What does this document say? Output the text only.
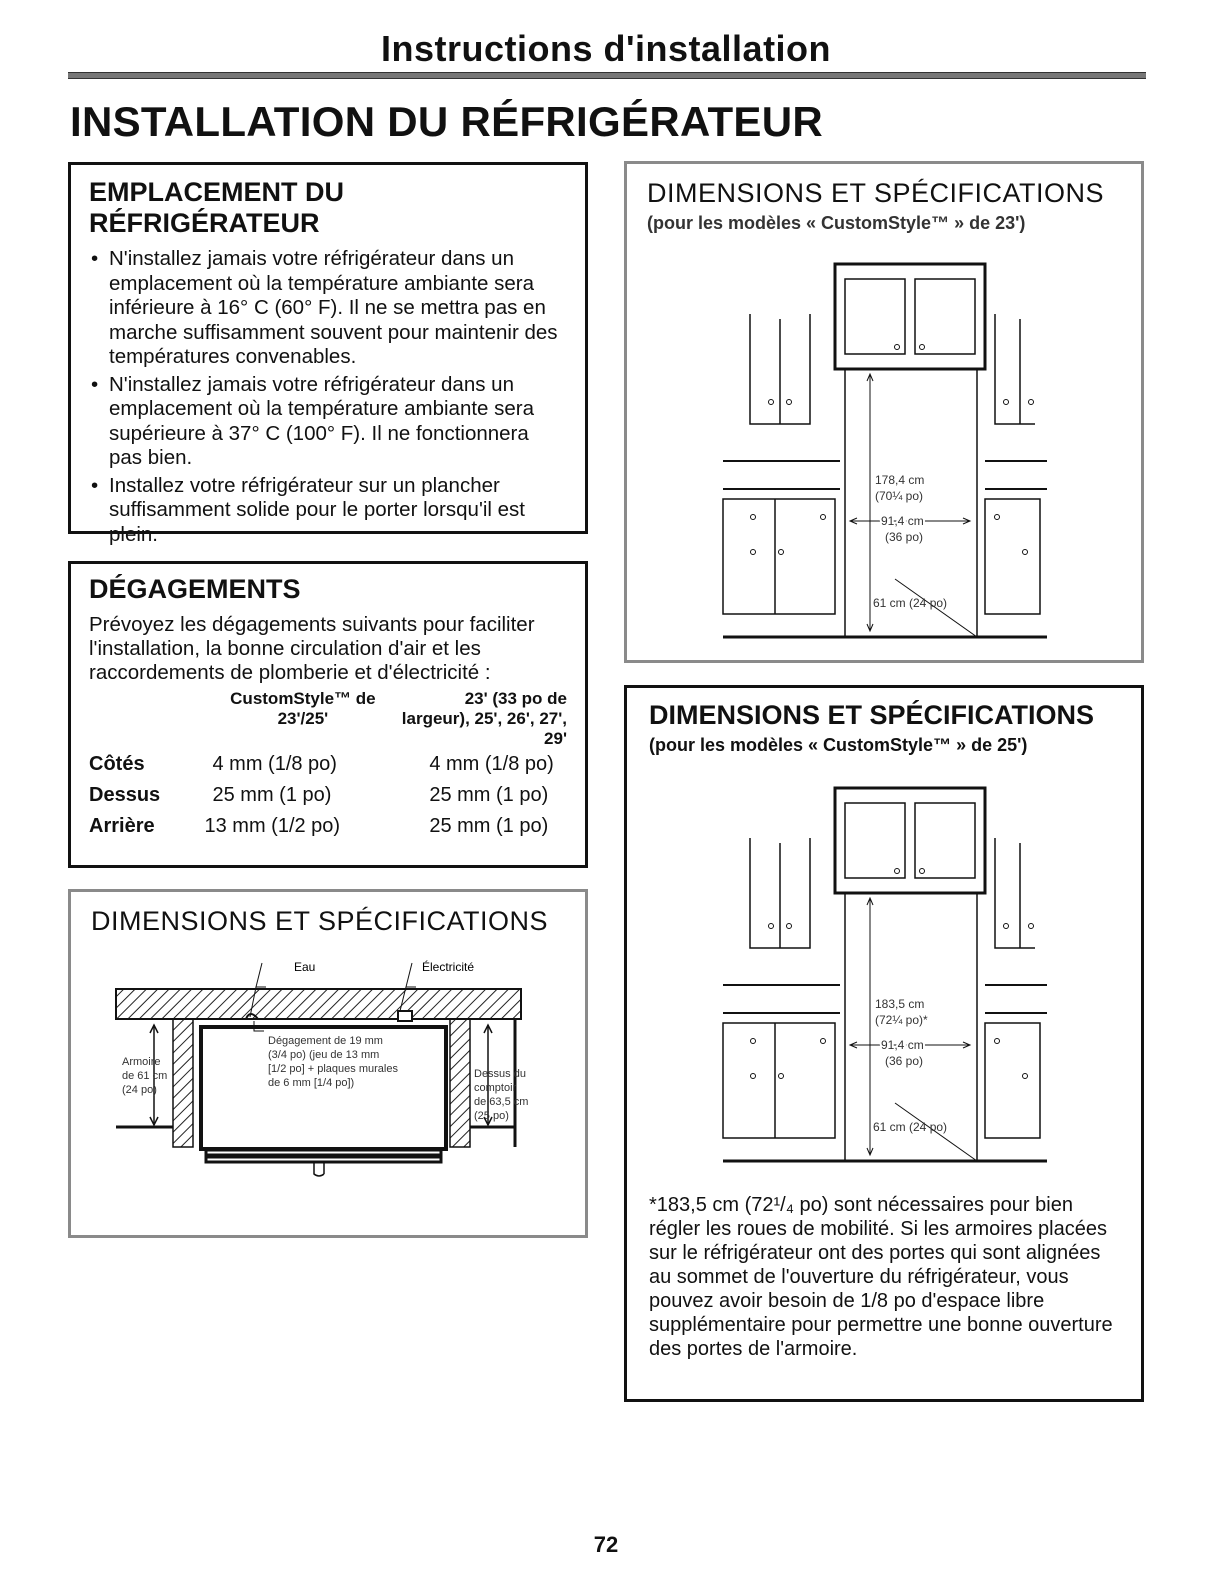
Instructions d'installation
INSTALLATION DU RÉFRIGÉRATEUR
EMPLACEMENT DU RÉFRIGÉRATEUR
• N'installez jamais votre réfrigérateur dans un emplacement où la température ambiante sera inférieure à 16° C (60° F). Il ne se mettra pas en marche suffisamment souvent pour maintenir des températures convenables.
• N'installez jamais votre réfrigérateur dans un emplacement où la température ambiante sera supérieure à 37° C (100° F). Il ne fonctionnera pas bien.
• Installez votre réfrigérateur sur un plancher suffisamment solide pour le porter lorsqu'il est plein.
DÉGAGEMENTS
Prévoyez les dégagements suivants pour faciliter l'installation, la bonne circulation d'air et les raccordements de plomberie et d'électricité :
	CustomStyle™ de 23'/25'	23' (33 po de largeur), 25', 26', 27', 29'
Côtés	4 mm (1/8 po)	4 mm (1/8 po)
Dessus	25 mm (1 po)	25 mm (1 po)
Arrière	13 mm (1/2 po)	25 mm (1 po)
DIMENSIONS ET SPÉCIFICATIONS
Eau	Électricité
Armoire
de 61 cm
(24 po)
Dégagement de 19 mm
(3/4 po) (jeu de 13 mm
[1/2 po] + plaques murales
de 6 mm [1/4 po])
Dessus du
comptoir
de 63,5 cm
(25 po)
DIMENSIONS ET SPÉCIFICATIONS
(pour les modèles « CustomStyle™ » de 23')
178,4 cm
(70¼ po)
91,4 cm
(36 po)
61 cm (24 po)
DIMENSIONS ET SPÉCIFICATIONS
(pour les modèles « CustomStyle™ » de 25')
183,5 cm
(72¼ po)*
91,4 cm
(36 po)
61 cm (24 po)
*183,5 cm (72¹/₄ po) sont nécessaires pour bien régler les roues de mobilité. Si les armoires placées sur le réfrigérateur ont des portes qui sont alignées au sommet de l'ouverture du réfrigérateur, vous pouvez avoir besoin de 1/8 po d'espace libre supplémentaire pour permettre une bonne ouverture des portes de l'armoire.
72
